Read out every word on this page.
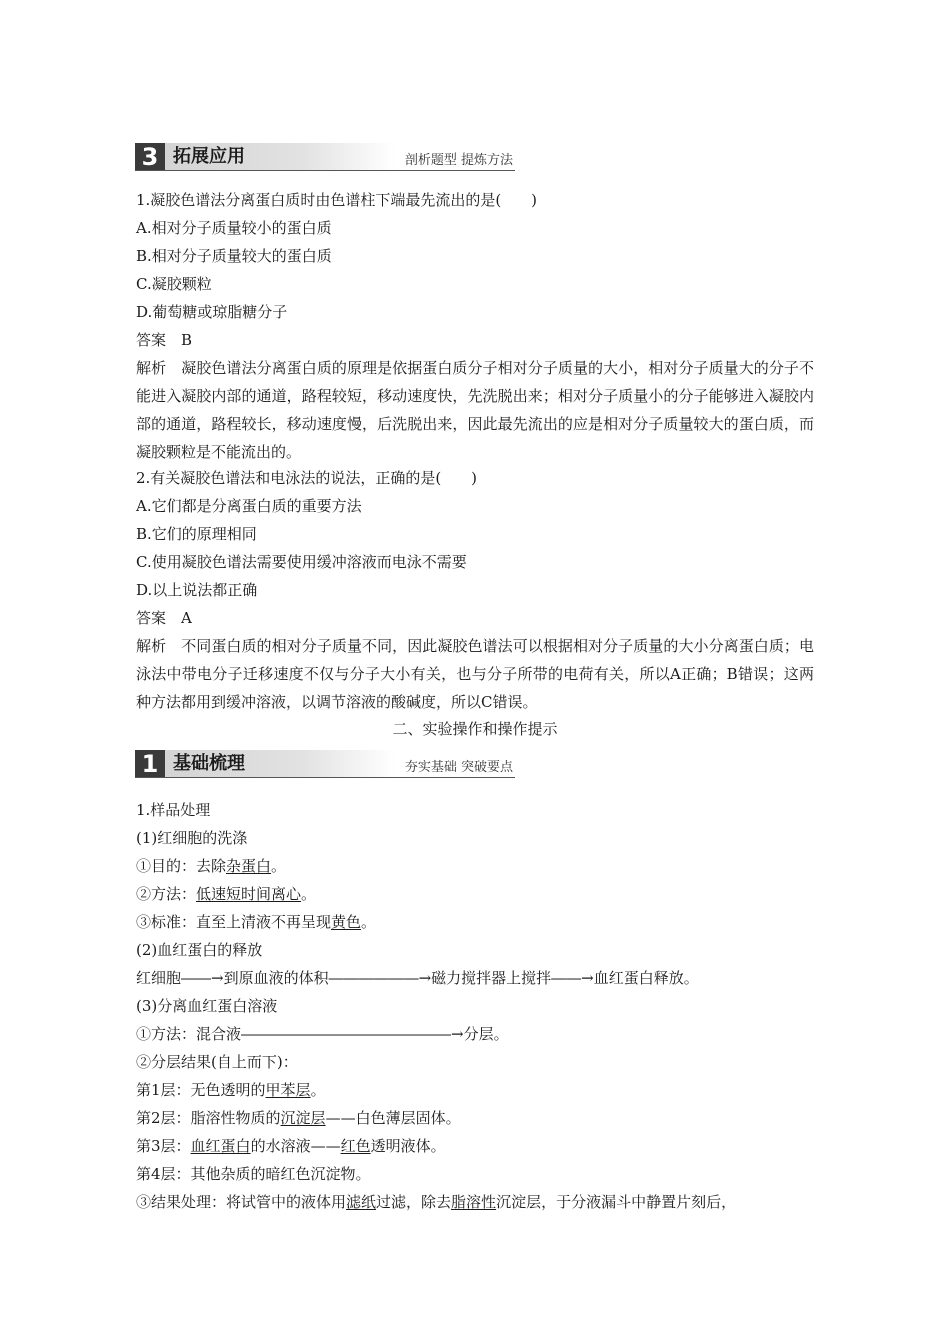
3 拓展应用	剖析题型 提炼方法
1.凝胶色谱法分离蛋白质时由色谱柱下端最先流出的是(　　)
A.相对分子质量较小的蛋白质
B.相对分子质量较大的蛋白质
C.凝胶颗粒
D.葡萄糖或琼脂糖分子
答案　B
解析　凝胶色谱法分离蛋白质的原理是依据蛋白质分子相对分子质量的大小，相对分子质量大的分子不能进入凝胶内部的通道，路程较短，移动速度快，先洗脱出来；相对分子质量小的分子能够进入凝胶内部的通道，路程较长，移动速度慢，后洗脱出来，因此最先流出的应是相对分子质量较大的蛋白质，而凝胶颗粒是不能流出的。
2.有关凝胶色谱法和电泳法的说法，正确的是(　　)
A.它们都是分离蛋白质的重要方法
B.它们的原理相同
C.使用凝胶色谱法需要使用缓冲溶液而电泳不需要
D.以上说法都正确
答案　A
解析　不同蛋白质的相对分子质量不同，因此凝胶色谱法可以根据相对分子质量的大小分离蛋白质；电泳法中带电分子迁移速度不仅与分子大小有关，也与分子所带的电荷有关，所以A正确；B错误；这两种方法都用到缓冲溶液，以调节溶液的酸碱度，所以C错误。
二、实验操作和操作提示
1 基础梳理	夯实基础 突破要点
1.样品处理
(1)红细胞的洗涤
①目的：去除杂蛋白。
②方法：低速短时间离心。
③标准：直至上清液不再呈现黄色。
(2)血红蛋白的释放
红细胞――→到原血液的体积――――――→磁力搅拌器上搅拌――→血红蛋白释放。
(3)分离血红蛋白溶液
①方法：混合液――――――――――――――→分层。
②分层结果(自上而下)：
第1层：无色透明的甲苯层。
第2层：脂溶性物质的沉淀层——白色薄层固体。
第3层：血红蛋白的水溶液——红色透明液体。
第4层：其他杂质的暗红色沉淀物。
③结果处理：将试管中的液体用滤纸过滤，除去脂溶性沉淀层，于分液漏斗中静置片刻后，
